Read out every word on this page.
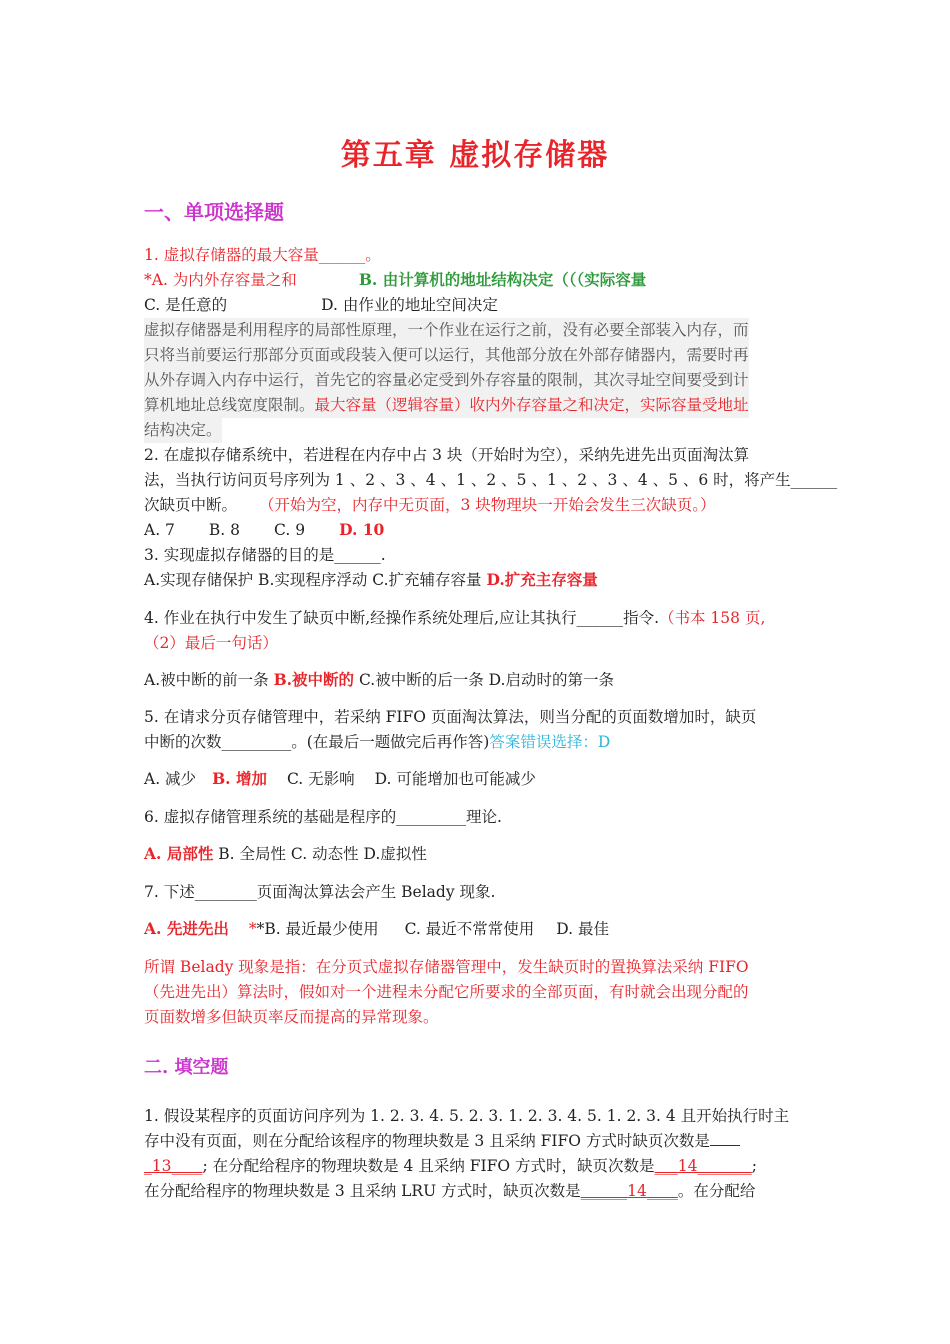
第五章 虚拟存储器
一、单项选择题
1. 虚拟存储器的最大容量______。
*A. 为内外存容量之和	B. 由计算机的地址结构决定（（（实际容量
C. 是任意的	D. 由作业的地址空间决定
虚拟存储器是利用程序的局部性原理，一个作业在运行之前，没有必要全部装入内存，而
只将当前要运行那部分页面或段装入便可以运行，其他部分放在外部存储器内，需要时再
从外存调入内存中运行，首先它的容量必定受到外存容量的限制，其次寻址空间要受到计
算机地址总线宽度限制。最大容量（逻辑容量）收内外存容量之和决定，实际容量受地址
结构决定。
2. 在虚拟存储系统中，若进程在内存中占 3 块（开始时为空），采纳先进先出页面淘汰算
法，当执行访问页号序列为 1 、2 、3 、4 、1 、2 、5 、1 、2 、3 、4 、5 、6 时，将产生______
次缺页中断。 （开始为空，内存中无页面，3 块物理块一开始会发生三次缺页。）
A. 7 B. 8 C. 9 D. 10
3. 实现虚拟存储器的目的是______.
A.实现存储保护 B.实现程序浮动 C.扩充辅存容量 D.扩充主存容量
4. 作业在执行中发生了缺页中断,经操作系统处理后,应让其执行______指令.（书本 158 页,
（2）最后一句话）
A.被中断的前一条 B.被中断的 C.被中断的后一条 D.启动时的第一条
5. 在请求分页存储管理中，若采纳 FIFO 页面淘汰算法，则当分配的页面数增加时，缺页
中断的次数_________。(在最后一题做完后再作答)答案错误选择：D
A. 减少 B. 增加 C. 无影响 D. 可能增加也可能减少
6. 虚拟存储管理系统的基础是程序的_________理论.
A. 局部性 B. 全局性 C. 动态性 D.虚拟性
7. 下述________页面淘汰算法会产生 Belady 现象.
A. 先进先出 **B. 最近最少使用 C. 最近不常常使用 D. 最佳
所谓 Belady 现象是指：在分页式虚拟存储器管理中，发生缺页时的置换算法采纳 FIFO
（先进先出）算法时，假如对一个进程未分配它所要求的全部页面，有时就会出现分配的
页面数增多但缺页率反而提高的异常现象。
二. 填空题
1. 假设某程序的页面访问序列为 1. 2. 3. 4. 5. 2. 3. 1. 2. 3. 4. 5. 1. 2. 3. 4 且开始执行时主
存中没有页面，则在分配给该程序的物理块数是 3 且采纳 FIFO 方式时缺页次数是
_13____; 在分配给程序的物理块数是 4 且采纳 FIFO 方式时，缺页次数是___14_______;
在分配给程序的物理块数是 3 且采纳 LRU 方式时，缺页次数是______14____。在分配给
